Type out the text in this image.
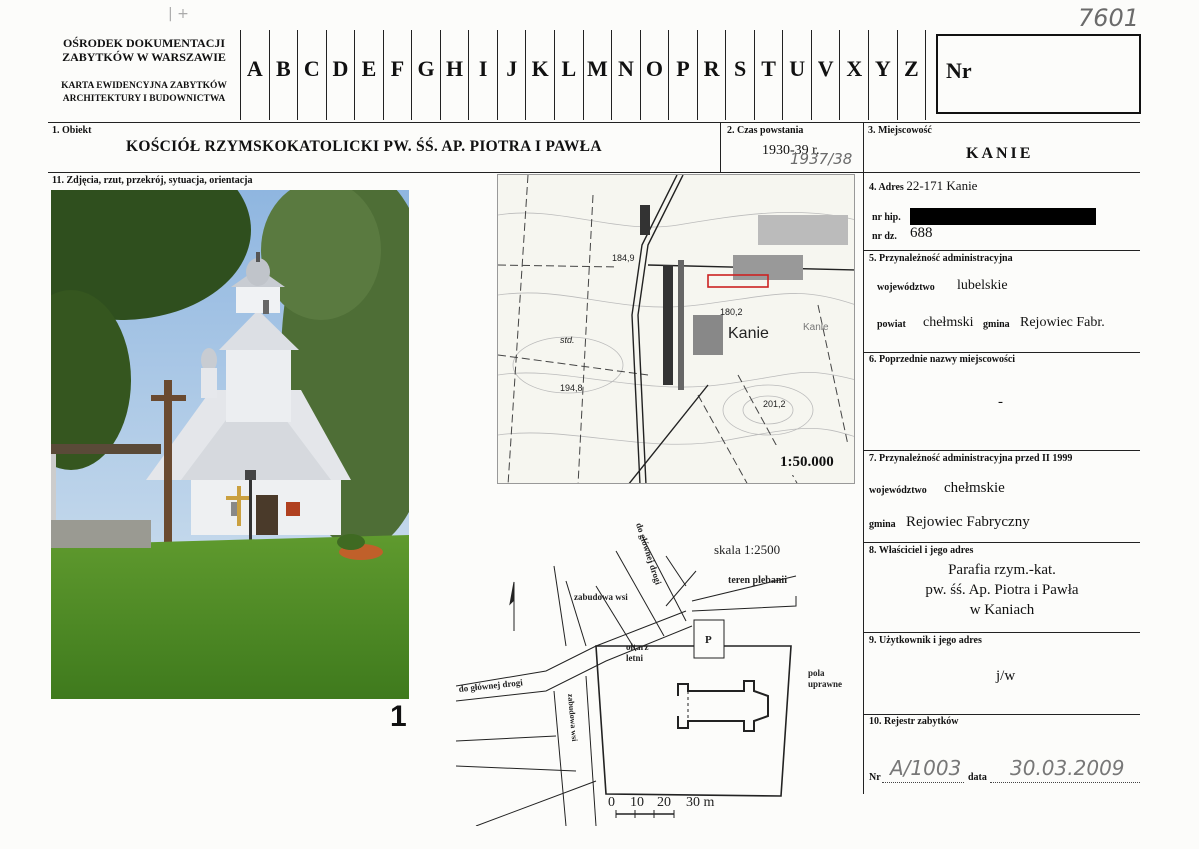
7601
| +
OŚRODEK DOKUMENTACJI
ZABYTKÓW W WARSZAWIE
KARTA EWIDENCYJNA ZABYTKÓW
ARCHITEKTURY I BUDOWNICTWA
A B C D E F G H I J K L M N O P R S T U V X Y Z	Nr
1. Obiekt
KOŚCIÓŁ RZYMSKOKATOLICKI PW. ŚŚ. AP. PIOTRA I PAWŁA
2. Czas powstania
1930-39 r.
1937/38
3. Miejscowość
KANIE
11. Zdjęcia, rzut, przekrój, sytuacja, orientacja
1
184,9
180,2
Kanie	Kanie
194,8
201,2
std.
1:50.000
skala 1:2500
do głównej drogi
do głównej drogi
zabudowa wsi
zabudowa wsi
teren plebanii
ołtarz
letni
pola
uprawne
P
0 10 20 30 m
4. Adres 22-171 Kanie
nr hip.
nr dz. 688
5. Przynależność administracyjna
województwo lubelskie
powiat chełmski gmina Rejowiec Fabr.
6. Poprzednie nazwy miejscowości
-
7. Przynależność administracyjna przed II 1999
województwo chełmskie
gmina Rejowiec Fabryczny
8. Właściciel i jego adres
Parafia rzym.-kat.
pw. śś. Ap. Piotra i Pawła
w Kaniach
9. Użytkownik i jego adres
j/w
10. Rejestr zabytków
Nr A/1003 data 30.03.2009
